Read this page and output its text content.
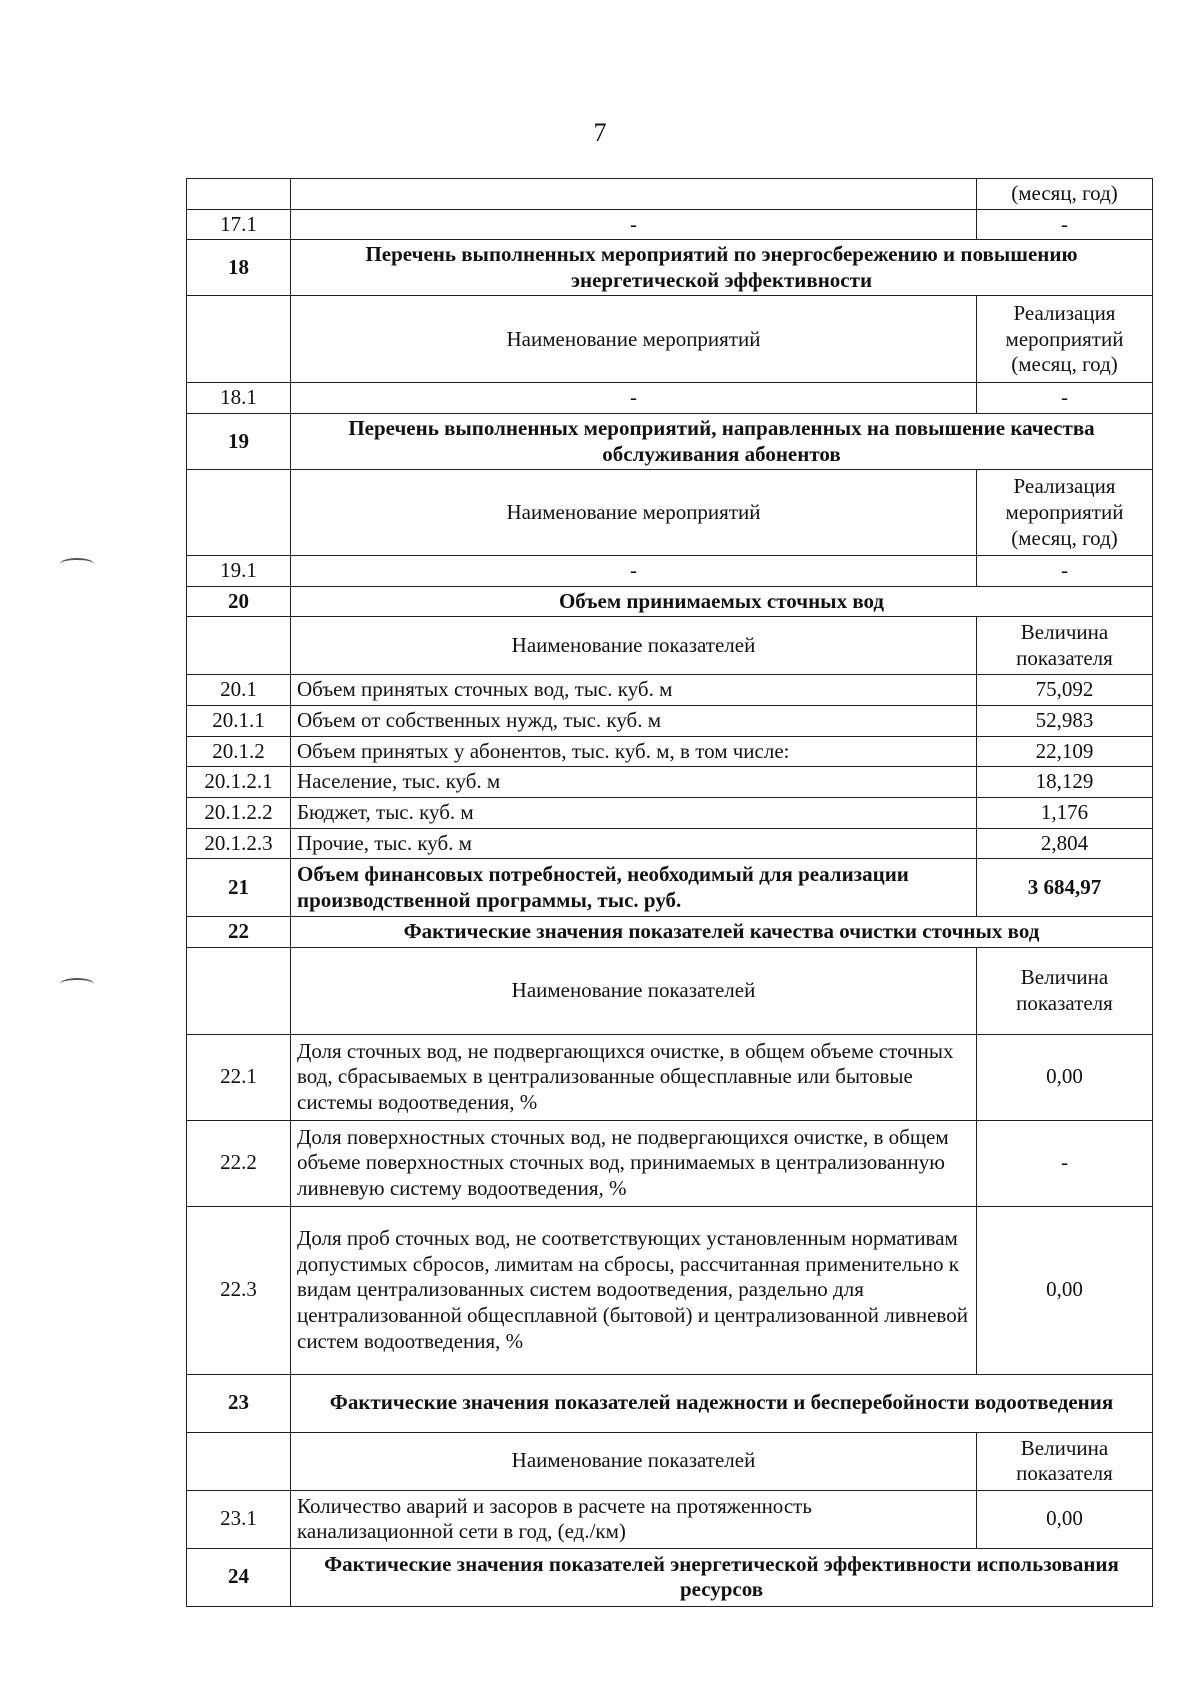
7
		(месяц, год)
17.1	-	-
18	Перечень выполненных мероприятий по энергосбережению и повышению энергетической эффективности	
	Наименование мероприятий	Реализация мероприятий (месяц, год)
18.1	-	-
19	Перечень выполненных мероприятий, направленных на повышение качества обслуживания абонентов	
	Наименование мероприятий	Реализация мероприятий (месяц, год)
19.1	-	-
20	Объем принимаемых сточных вод	
	Наименование показателей	Величина показателя
20.1	Объем принятых сточных вод, тыс. куб. м	75,092
20.1.1	Объем от собственных нужд, тыс. куб. м	52,983
20.1.2	Объем принятых у абонентов, тыс. куб. м, в том числе:	22,109
20.1.2.1	Население, тыс. куб. м	18,129
20.1.2.2	Бюджет, тыс. куб. м	1,176
20.1.2.3	Прочие, тыс. куб. м	2,804
21	Объем финансовых потребностей, необходимый для реализации производственной программы, тыс. руб.	3 684,97
22	Фактические значения показателей качества очистки сточных вод	
	Наименование показателей	Величина показателя
22.1	Доля сточных вод, не подвергающихся очистке, в общем объеме сточных вод, сбрасываемых в централизованные общесплавные или бытовые системы водоотведения, %	0,00
22.2	Доля поверхностных сточных вод, не подвергающихся очистке, в общем объеме поверхностных сточных вод, принимаемых в централизованную ливневую систему водоотведения, %	-
22.3	Доля проб сточных вод, не соответствующих установленным нормативам допустимых сбросов, лимитам на сбросы, рассчитанная применительно к видам централизованных систем водоотведения, раздельно для централизованной общесплавной (бытовой) и централизованной ливневой систем водоотведения, %	0,00
23	Фактические значения показателей надежности и бесперебойности водоотведения	
	Наименование показателей	Величина показателя
23.1	Количество аварий и засоров в расчете на протяженность канализационной сети в год, (ед./км)	0,00
24	Фактические значения показателей энергетической эффективности использования ресурсов	
